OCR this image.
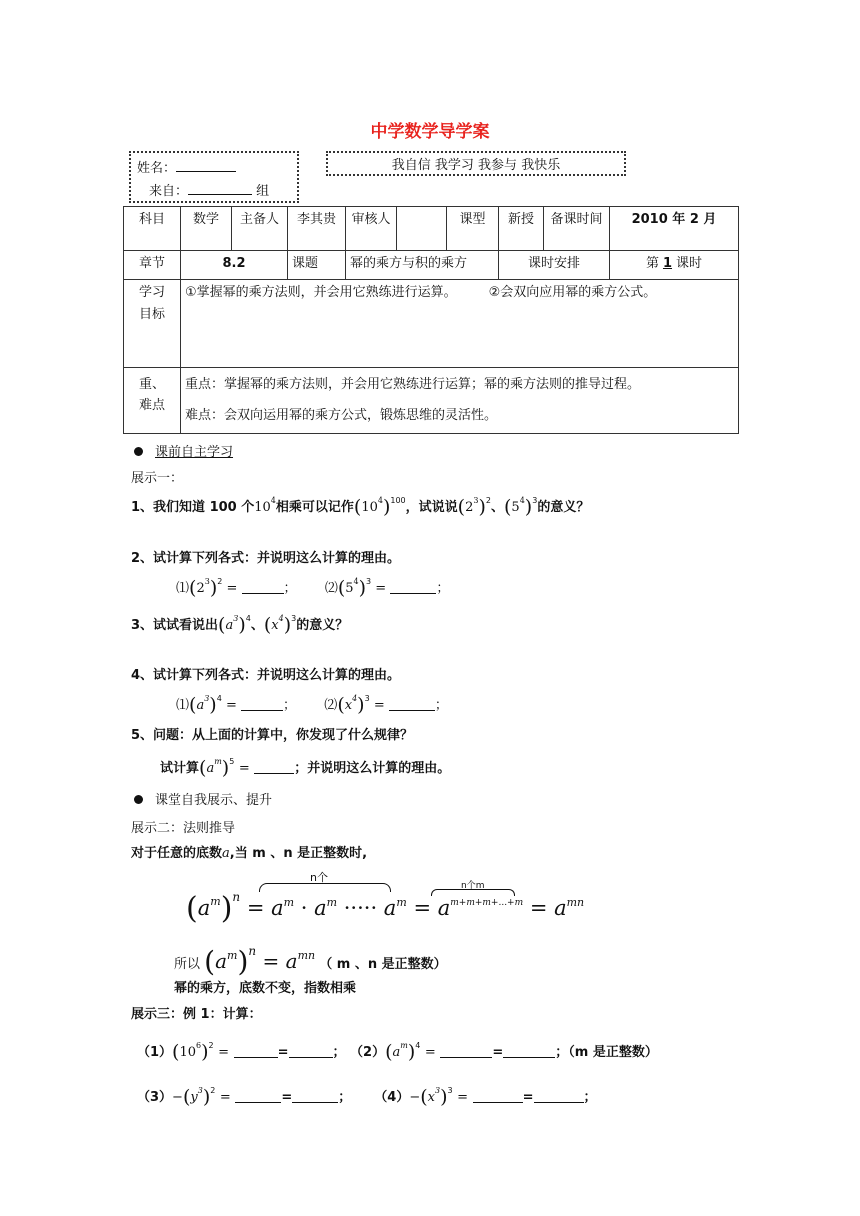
中学数学导学案
姓名：
来自：	组
我自信 我学习 我参与 我快乐
科目	数学	主备人	李其贵	审核人		课型	新授	备课时间	2010 年 2 月
章节	8.2		课题	幂的乘方与积的乘方			课时安排		第 1 课时
学习目标	①掌握幂的乘方法则，并会用它熟练进行运算。 ②会双向应用幂的乘方公式。								
重、难点	重点：掌握幂的乘方法则，并会用它熟练进行运算；幂的乘方法则的推导过程。
难点：会双向运用幂的乘方公式，锻炼思维的灵活性。								
课前自主学习
展示一：
1、我们知道 100 个$10^4$相乘可以记作$(10^4)^{100}$，试说说$(2^3)^2$、$(5^4)^3$的意义？
2、试计算下列各式：并说明这么计算的理由。
$⑴(2^3)^2$ =	； $⑵(5^4)^3$ =	；
3、试试看说出$(a^3)^4$、$(x^4)^3$的意义？
4、试计算下列各式：并说明这么计算的理由。
$⑴(a^3)^4$ =	； $⑵(x^4)^3$ =	；
5、问题：从上面的计算中，你发现了什么规律？
试计算$(a^m)^5$ =	；并说明这么计算的理由。
课堂自我展示、提升
展示二：法则推导
对于任意的底数a,当 m 、n 是正整数时,
n个
n个m
$(a^m)^n = a^m \cdot a^m$ ····· $a^m = a^{m+m+m+...+m} = a^{mn}$
所以 $(a^m)^n = a^{mn}$ （ m 、n 是正整数）
幂的乘方，底数不变，指数相乘
展示三：例 1：计算：
$(1)(10^6)^2$ =	=	； $(2)(a^m)^4$ =	=	；（m 是正整数）
$(3)-(y^3)^2$ =	=	； $(4)-(x^3)^3$ =	=	；
